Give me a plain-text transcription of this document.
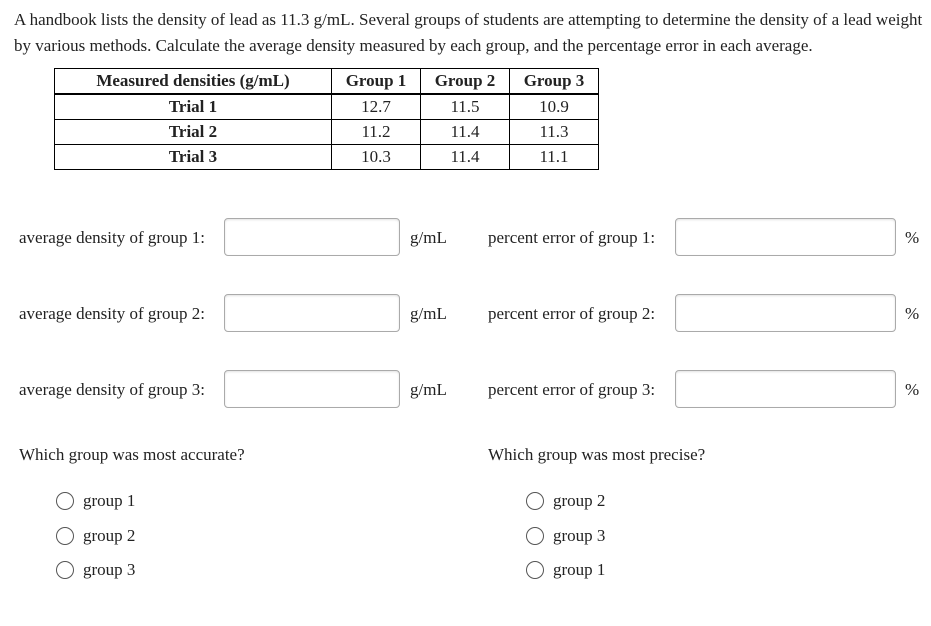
A handbook lists the density of lead as 11.3 g/mL. Several groups of students are attempting to determine the density of a lead weight by various methods. Calculate the average density measured by each group, and the percentage error in each average.

Measured densities (g/mL)	Group 1	Group 2	Group 3
Trial 1	12.7	11.5	10.9
Trial 2	11.2	11.4	11.3
Trial 3	10.3	11.4	11.1
average density of group 1:	g/mL percent error of group 1:	%
average density of group 2:	g/mL percent error of group 2:	%
average density of group 3:	g/mL percent error of group 3:	%
Which group was most accurate?
group 1
group 2
group 3
Which group was most precise?
group 2
group 3
group 1
